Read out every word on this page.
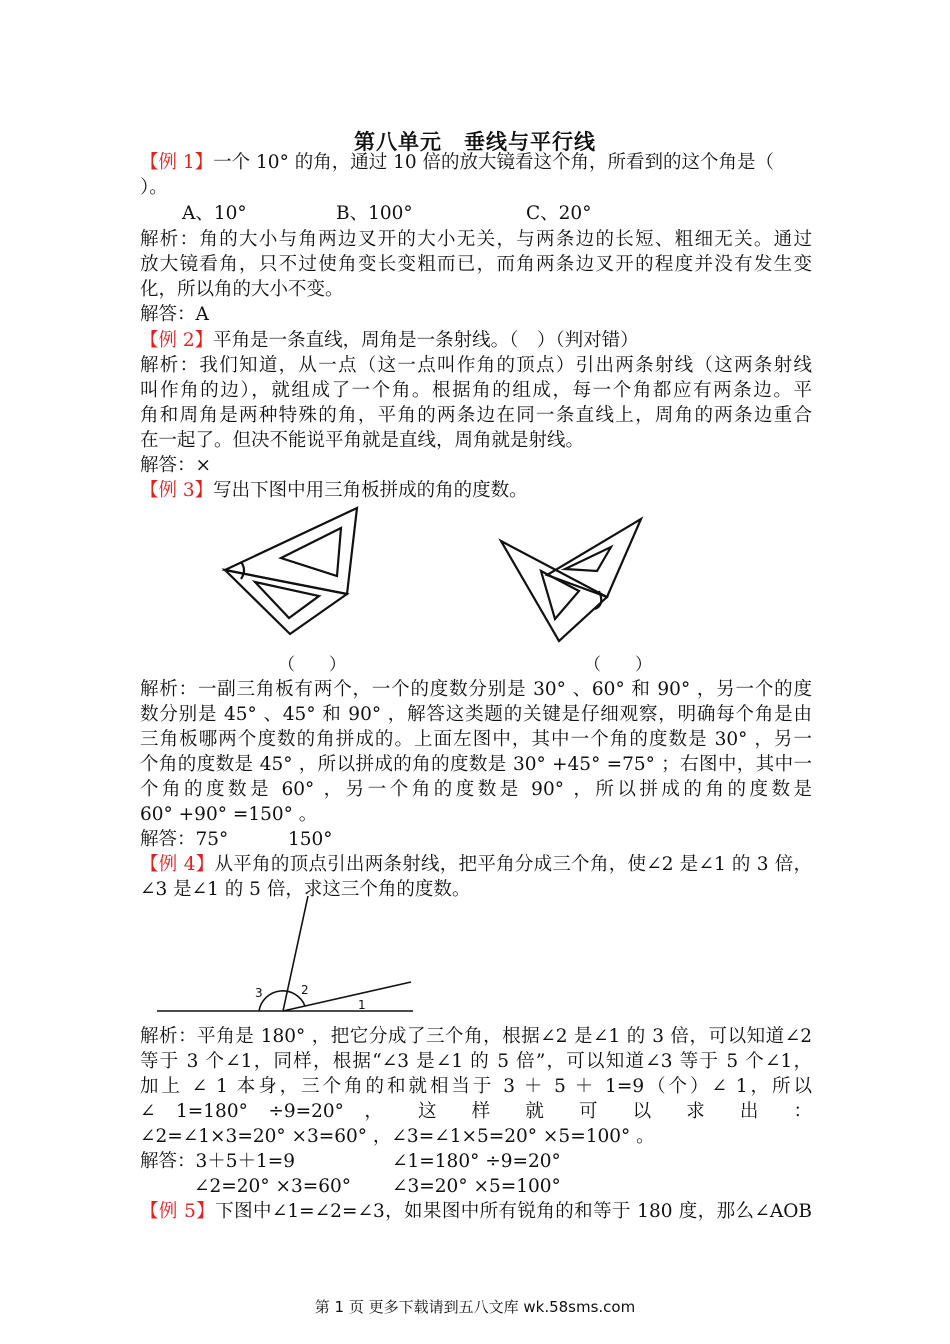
第八单元　垂线与平行线
【例 1】一个 10° 的角，通过 10 倍的放大镜看这个角，所看到的这个角是（
）。
A、10°	B、100°	C、20°
解析：角的大小与角两边叉开的大小无关，与两条边的长短、粗细无关。通过
放大镜看角，只不过使角变长变粗而已，而角两条边叉开的程度并没有发生变
化，所以角的大小不变。
解答：A
【例 2】平角是一条直线，周角是一条射线。（　）（判对错）
解析：我们知道，从一点（这一点叫作角的顶点）引出两条射线（这两条射线
叫作角的边），就组成了一个角。根据角的组成，每一个角都应有两条边。平
角和周角是两种特殊的角，平角的两条边在同一条直线上，周角的两条边重合
在一起了。但决不能说平角就是直线，周角就是射线。
解答：×
【例 3】写出下图中用三角板拼成的角的度数。
（　　）	（　　）
解析：一副三角板有两个，一个的度数分别是 30° 、60° 和 90° ，另一个的度
数分别是 45° 、45° 和 90° ，解答这类题的关键是仔细观察，明确每个角是由
三角板哪两个度数的角拼成的。上面左图中，其中一个角的度数是 30° ，另一
个角的度数是 45° ，所以拼成的角的度数是 30° +45° =75° ；右图中，其中一
个角的度数是 60° ，另一个角的度数是 90° ，所以拼成的角的度数是
60° +90° =150° 。
解答：75°	150°
【例 4】从平角的顶点引出两条射线，把平角分成三个角，使∠2 是∠1 的 3 倍，
∠3 是∠1 的 5 倍，求这三个角的度数。
3	2
1
解析：平角是 180° ，把它分成了三个角，根据∠2 是∠1 的 3 倍，可以知道∠2
等于 3 个∠1，同样，根据“∠3 是∠1 的 5 倍”，可以知道∠3 等于 5 个∠1，
加上 ∠ 1 本身，三个角的和就相当于 3 ＋ 5 ＋ 1=9（个）∠ 1，所以
∠ 1=180° ÷9=20° ， 这 样 就 可 以 求 出 ：
∠2=∠1×3=20° ×3=60° ，∠3=∠1×5=20° ×5=100° 。
解答：3＋5＋1=9	∠1=180° ÷9=20°
∠2=20° ×3=60° ∠3=20° ×5=100°
【例 5】下图中∠1=∠2=∠3，如果图中所有锐角的和等于 180 度，那么∠AOB
第 1 页 更多下载请到五八文库 wk.58sms.com
